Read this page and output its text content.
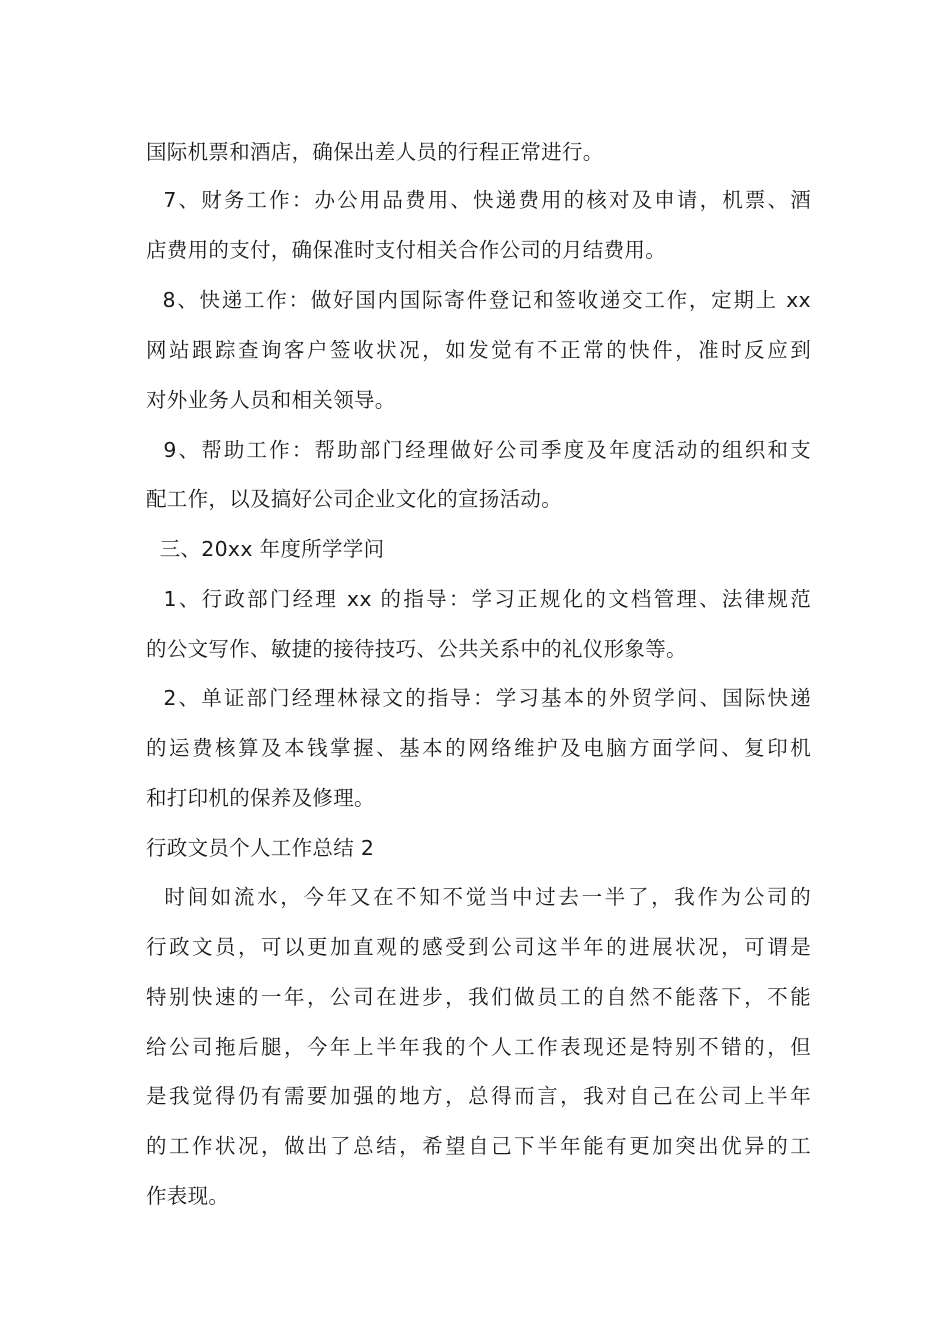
国际机票和酒店，确保出差人员的行程正常进行。
7、财务工作：办公用品费用、快递费用的核对及申请，机票、酒
店费用的支付，确保准时支付相关合作公司的月结费用。
8、快递工作：做好国内国际寄件登记和签收递交工作，定期上 xx
网站跟踪查询客户签收状况，如发觉有不正常的快件，准时反应到
对外业务人员和相关领导。
9、帮助工作：帮助部门经理做好公司季度及年度活动的组织和支
配工作，以及搞好公司企业文化的宣扬活动。
三、20xx 年度所学学问
1、行政部门经理 xx 的指导：学习正规化的文档管理、法律规范
的公文写作、敏捷的接待技巧、公共关系中的礼仪形象等。
2、单证部门经理林禄文的指导：学习基本的外贸学问、国际快递
的运费核算及本钱掌握、基本的网络维护及电脑方面学问、复印机
和打印机的保养及修理。
行政文员个人工作总结 2
时间如流水，今年又在不知不觉当中过去一半了，我作为公司的
行政文员，可以更加直观的感受到公司这半年的进展状况，可谓是
特别快速的一年，公司在进步，我们做员工的自然不能落下，不能
给公司拖后腿，今年上半年我的个人工作表现还是特别不错的，但
是我觉得仍有需要加强的地方，总得而言，我对自己在公司上半年
的工作状况，做出了总结，希望自己下半年能有更加突出优异的工
作表现。
